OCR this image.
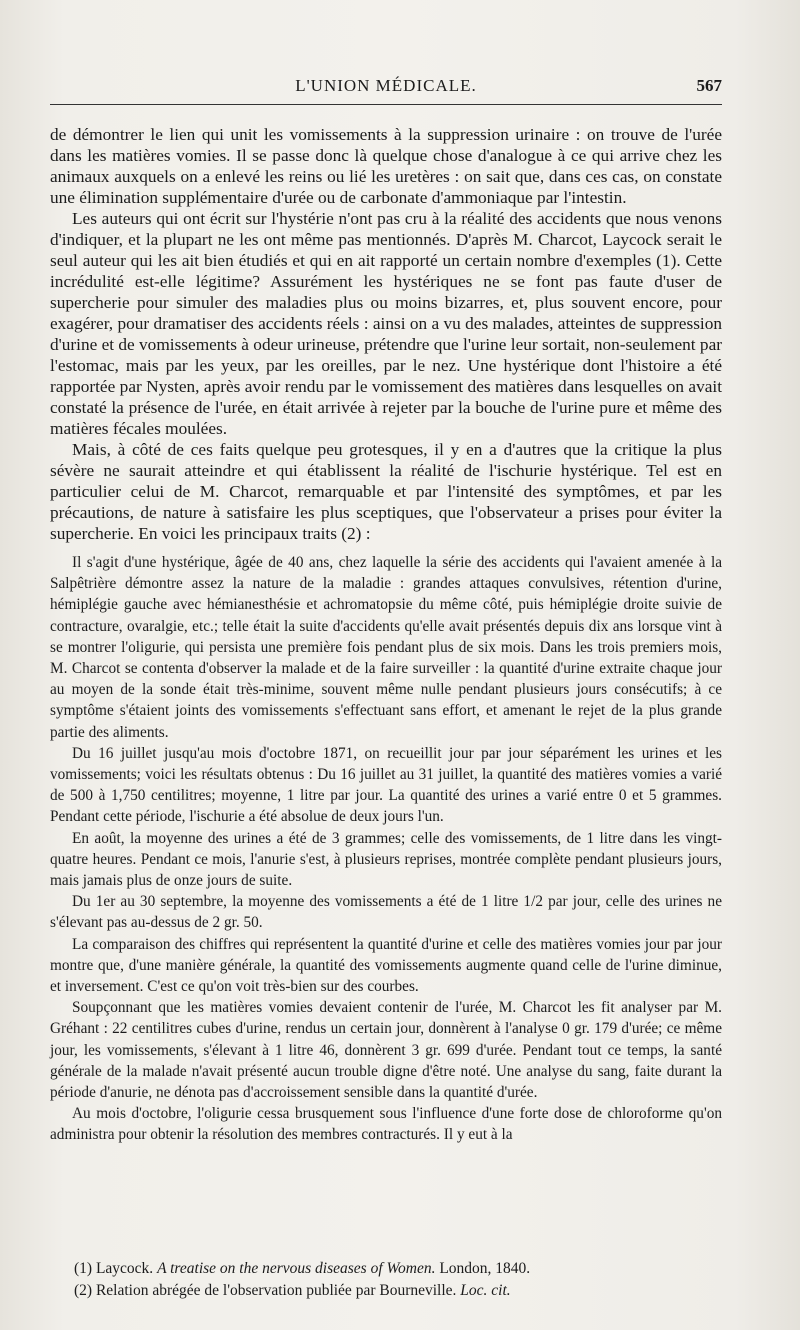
L'UNION MÉDICALE.	567

de démontrer le lien qui unit les vomissements à la suppression urinaire : on trouve de l'urée dans les matières vomies. Il se passe donc là quelque chose d'analogue à ce qui arrive chez les animaux auxquels on a enlevé les reins ou lié les uretères : on sait que, dans ces cas, on constate une élimination supplémentaire d'urée ou de carbonate d'ammoniaque par l'intestin.

Les auteurs qui ont écrit sur l'hystérie n'ont pas cru à la réalité des accidents que nous venons d'indiquer, et la plupart ne les ont même pas mentionnés. D'après M. Charcot, Laycock serait le seul auteur qui les ait bien étudiés et qui en ait rapporté un certain nombre d'exemples (1). Cette incrédulité est-elle légitime? Assurément les hystériques ne se font pas faute d'user de supercherie pour simuler des maladies plus ou moins bizarres, et, plus souvent encore, pour exagérer, pour dramatiser des accidents réels : ainsi on a vu des malades, atteintes de suppression d'urine et de vomissements à odeur urineuse, prétendre que l'urine leur sortait, non-seulement par l'estomac, mais par les yeux, par les oreilles, par le nez. Une hystérique dont l'histoire a été rapportée par Nysten, après avoir rendu par le vomissement des matières dans lesquelles on avait constaté la présence de l'urée, en était arrivée à rejeter par la bouche de l'urine pure et même des matières fécales moulées.

Mais, à côté de ces faits quelque peu grotesques, il y en a d'autres que la critique la plus sévère ne saurait atteindre et qui établissent la réalité de l'ischurie hystérique. Tel est en particulier celui de M. Charcot, remarquable et par l'intensité des symptômes, et par les précautions, de nature à satisfaire les plus sceptiques, que l'observateur a prises pour éviter la supercherie. En voici les principaux traits (2) :

Il s'agit d'une hystérique, âgée de 40 ans, chez laquelle la série des accidents qui l'avaient amenée à la Salpêtrière démontre assez la nature de la maladie : grandes attaques convulsives, rétention d'urine, hémiplégie gauche avec hémianesthésie et achromatopsie du même côté, puis hémiplégie droite suivie de contracture, ovaralgie, etc.; telle était la suite d'accidents qu'elle avait présentés depuis dix ans lorsque vint à se montrer l'oligurie, qui persista une première fois pendant plus de six mois. Dans les trois premiers mois, M. Charcot se contenta d'observer la malade et de la faire surveiller : la quantité d'urine extraite chaque jour au moyen de la sonde était très-minime, souvent même nulle pendant plusieurs jours consécutifs; à ce symptôme s'étaient joints des vomissements s'effectuant sans effort, et amenant le rejet de la plus grande partie des aliments.

Du 16 juillet jusqu'au mois d'octobre 1871, on recueillit jour par jour séparément les urines et les vomissements; voici les résultats obtenus : Du 16 juillet au 31 juillet, la quantité des matières vomies a varié de 500 à 1,750 centilitres; moyenne, 1 litre par jour. La quantité des urines a varié entre 0 et 5 grammes. Pendant cette période, l'ischurie a été absolue de deux jours l'un.

En août, la moyenne des urines a été de 3 grammes; celle des vomissements, de 1 litre dans les vingt-quatre heures. Pendant ce mois, l'anurie s'est, à plusieurs reprises, montrée complète pendant plusieurs jours, mais jamais plus de onze jours de suite.

Du 1er au 30 septembre, la moyenne des vomissements a été de 1 litre 1/2 par jour, celle des urines ne s'élevant pas au-dessus de 2 gr. 50.

La comparaison des chiffres qui représentent la quantité d'urine et celle des matières vomies jour par jour montre que, d'une manière générale, la quantité des vomissements augmente quand celle de l'urine diminue, et inversement. C'est ce qu'on voit très-bien sur des courbes.

Soupçonnant que les matières vomies devaient contenir de l'urée, M. Charcot les fit analyser par M. Gréhant : 22 centilitres cubes d'urine, rendus un certain jour, donnèrent à l'analyse 0 gr. 179 d'urée; ce même jour, les vomissements, s'élevant à 1 litre 46, donnèrent 3 gr. 699 d'urée. Pendant tout ce temps, la santé générale de la malade n'avait présenté aucun trouble digne d'être noté. Une analyse du sang, faite durant la période d'anurie, ne dénota pas d'accroissement sensible dans la quantité d'urée.

Au mois d'octobre, l'oligurie cessa brusquement sous l'influence d'une forte dose de chloroforme qu'on administra pour obtenir la résolution des membres contracturés. Il y eut à la

(1) Laycock. A treatise on the nervous diseases of Women. London, 1840.

(2) Relation abrégée de l'observation publiée par Bourneville. Loc. cit.
